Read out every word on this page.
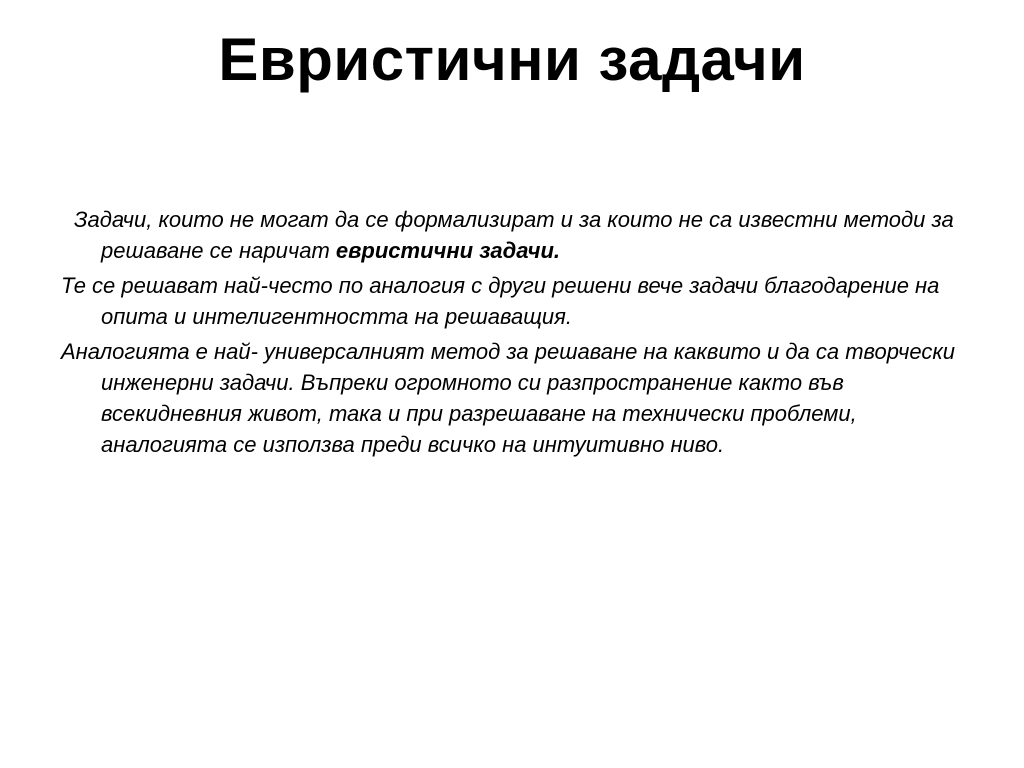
Евристични задачи

Задачи, които не могат да се формализират и за които не са известни методи за решаване се наричат евристични задачи.

Те се решават най-често по аналогия с други решени вече задачи благодарение на опита и интелигентността на решаващия.

Аналогията е най- универсалният метод за решаване на каквито и да са творчески инженерни задачи. Въпреки огромното си разпространение както във всекидневния живот, така и при разрешаване на технически проблеми, аналогията се използва преди всичко на интуитивно ниво.
